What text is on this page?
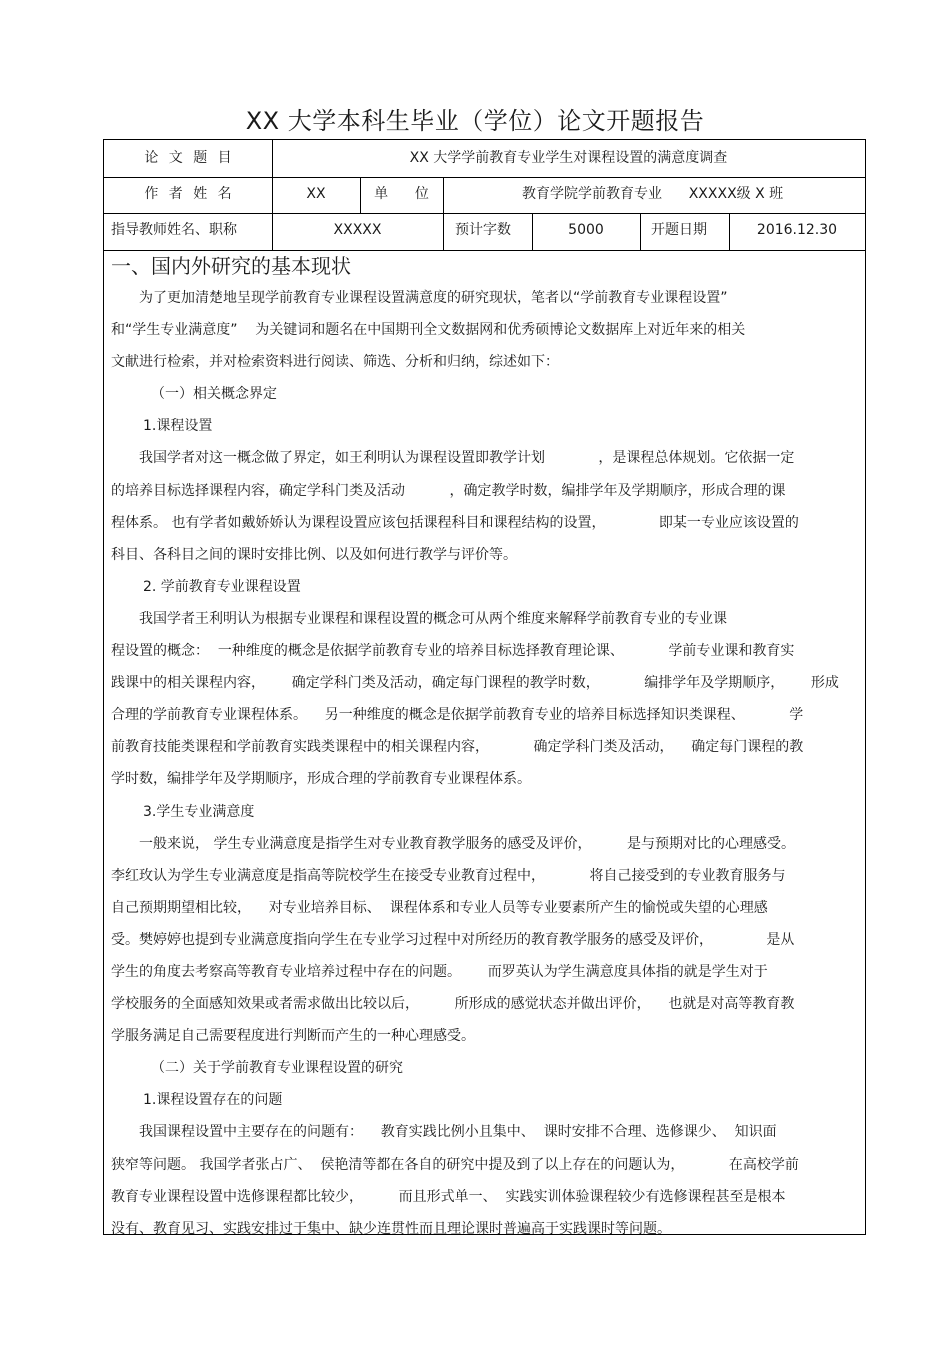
XX 大学本科生毕业（学位）论文开题报告
论 文 题 目	XX 大学学前教育专业学生对课程设置的满意度调查
作 者 姓 名	XX	单      位	教育学院学前教育专业      XXXXX级 X 班
指导教师姓名、职称	XXXXX	预计字数	5000	开题日期	2016.12.30
一、国内外研究的基本现状
为了更加清楚地呈现学前教育专业课程设置满意度的研究现状，笔者以“学前教育专业课程设置”
和“学生专业满意度”    为关键词和题名在中国期刊全文数据网和优秀硕博论文数据库上对近年来的相关
文献进行检索，并对检索资料进行阅读、筛选、分析和归纳，综述如下：
（一）相关概念界定
1.课程设置
我国学者对这一概念做了界定，如王利明认为课程设置即教学计划            ，是课程总体规划。它依据一定
的培养目标选择课程内容，确定学科门类及活动          ，确定教学时数，编排学年及学期顺序，形成合理的课
程体系。 也有学者如戴娇娇认为课程设置应该包括课程科目和课程结构的设置，            即某一专业应该设置的
科目、各科目之间的课时安排比例、以及如何进行教学与评价等。
2. 学前教育专业课程设置
我国学者王利明认为根据专业课程和课程设置的概念可从两个维度来解释学前教育专业的专业课
程设置的概念：  一种维度的概念是依据学前教育专业的培养目标选择教育理论课、          学前专业课和教育实
践课中的相关课程内容，      确定学科门类及活动，确定每门课程的教学时数，          编排学年及学期顺序，      形成
合理的学前教育专业课程体系。    另一种维度的概念是依据学前教育专业的培养目标选择知识类课程、          学
前教育技能类课程和学前教育实践类课程中的相关课程内容，          确定学科门类及活动，    确定每门课程的教
学时数，编排学年及学期顺序，形成合理的学前教育专业课程体系。
3.学生专业满意度
一般来说， 学生专业满意度是指学生对专业教育教学服务的感受及评价，        是与预期对比的心理感受。
李红玫认为学生专业满意度是指高等院校学生在接受专业教育过程中，          将自己接受到的专业教育服务与
自己预期期望相比较，    对专业培养目标、  课程体系和专业人员等专业要素所产生的愉悦或失望的心理感
受。樊婷婷也提到专业满意度指向学生在专业学习过程中对所经历的教育教学服务的感受及评价，            是从
学生的角度去考察高等教育专业培养过程中存在的问题。      而罗英认为学生满意度具体指的就是学生对于
学校服务的全面感知效果或者需求做出比较以后，        所形成的感觉状态并做出评价，    也就是对高等教育教
学服务满足自己需要程度进行判断而产生的一种心理感受。
（二）关于学前教育专业课程设置的研究
1.课程设置存在的问题
我国课程设置中主要存在的问题有：    教育实践比例小且集中、  课时安排不合理、选修课少、  知识面
狭窄等问题。 我国学者张占广、  侯艳清等都在各自的研究中提及到了以上存在的问题认为，          在高校学前
教育专业课程设置中选修课程都比较少，        而且形式单一、  实践实训体验课程较少有选修课程甚至是根本
没有、教育见习、实践安排过于集中、缺少连贯性而且理论课时普遍高于实践课时等问题。
